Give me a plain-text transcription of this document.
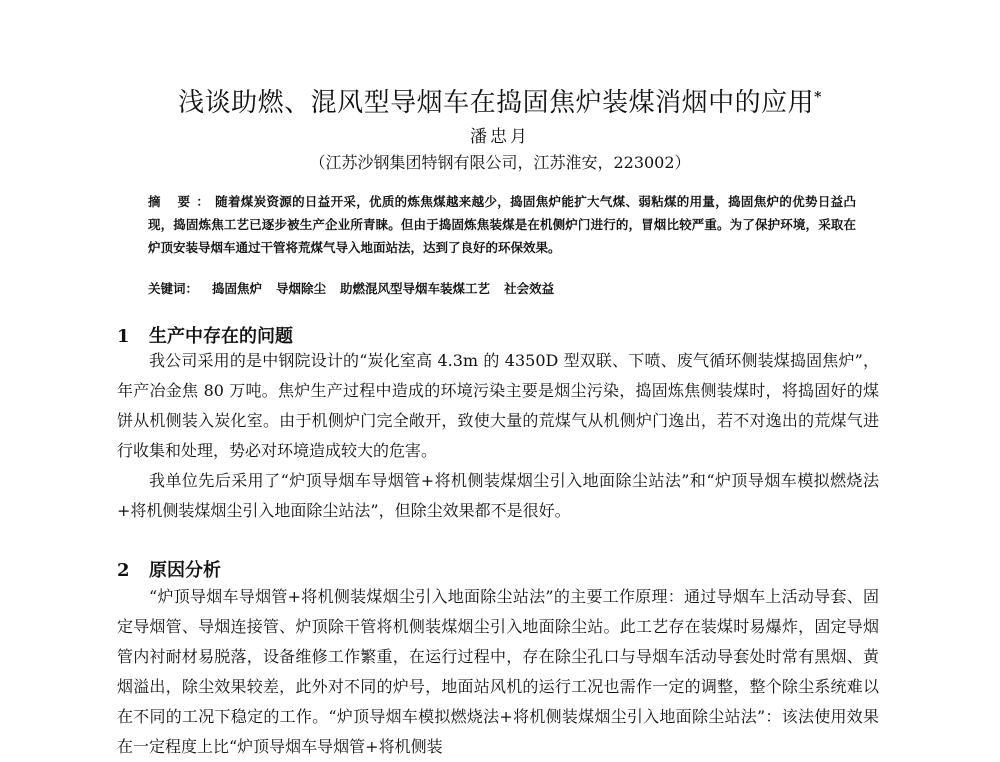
浅谈助燃、混风型导烟车在捣固焦炉装煤消烟中的应用*
潘忠月
（江苏沙钢集团特钢有限公司，江苏淮安，223002）
摘 要：随着煤炭资源的日益开采，优质的炼焦煤越来越少，捣固焦炉能扩大气煤、弱粘煤的用量，捣固焦炉的优势日益凸现，捣固炼焦工艺已逐步被生产企业所青睐。但由于捣固炼焦装煤是在机侧炉门进行的，冒烟比较严重。为了保护环境，采取在炉顶安装导烟车通过干管将荒煤气导入地面站法，达到了良好的环保效果。
关键词： 捣固焦炉 导烟除尘 助燃混风型导烟车装煤工艺 社会效益
1 生产中存在的问题

我公司采用的是中钢院设计的“炭化室高 4.3m 的 4350D 型双联、下喷、废气循环侧装煤捣固焦炉”，年产冶金焦 80 万吨。焦炉生产过程中造成的环境污染主要是烟尘污染，捣固炼焦侧装煤时，将捣固好的煤饼从机侧装入炭化室。由于机侧炉门完全敞开，致使大量的荒煤气从机侧炉门逸出，若不对逸出的荒煤气进行收集和处理，势必对环境造成较大的危害。

我单位先后采用了“炉顶导烟车导烟管+将机侧装煤烟尘引入地面除尘站法”和“炉顶导烟车模拟燃烧法+将机侧装煤烟尘引入地面除尘站法”，但除尘效果都不是很好。

2 原因分析

“炉顶导烟车导烟管+将机侧装煤烟尘引入地面除尘站法”的主要工作原理：通过导烟车上活动导套、固定导烟管、导烟连接管、炉顶除干管将机侧装煤烟尘引入地面除尘站。此工艺存在装煤时易爆炸，固定导烟管内衬耐材易脱落，设备维修工作繁重，在运行过程中，存在除尘孔口与导烟车活动导套处时常有黑烟、黄烟溢出，除尘效果较差，此外对不同的炉号，地面站风机的运行工况也需作一定的调整，整个除尘系统难以在不同的工况下稳定的工作。“炉顶导烟车模拟燃烧法+将机侧装煤烟尘引入地面除尘站法”：该法使用效果在一定程度上比“炉顶导烟车导烟管+将机侧装
